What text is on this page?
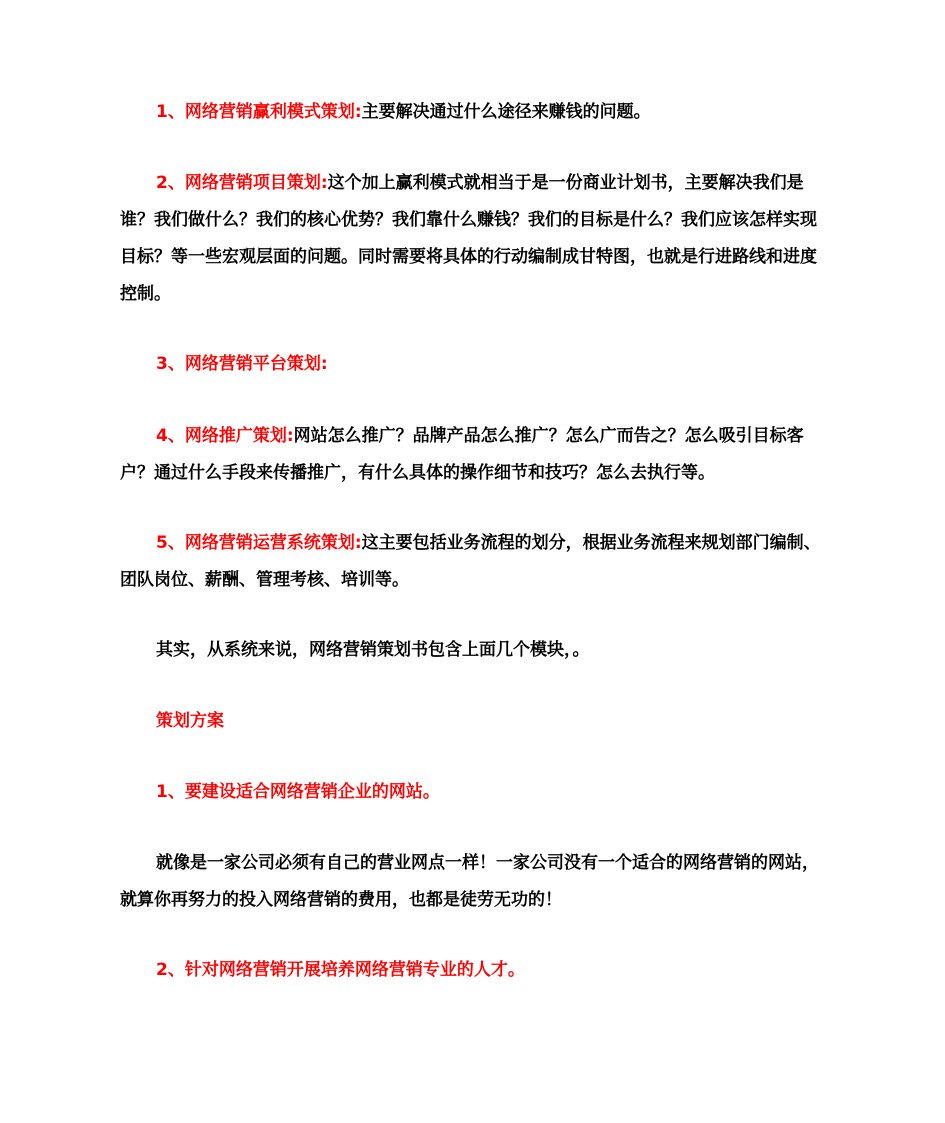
1、网络营销赢利模式策划:主要解决通过什么途径来赚钱的问题。

2、网络营销项目策划:这个加上赢利模式就相当于是一份商业计划书，主要解决我们是谁？我们做什么？我们的核心优势？我们靠什么赚钱？我们的目标是什么？我们应该怎样实现目标？等一些宏观层面的问题。同时需要将具体的行动编制成甘特图，也就是行进路线和进度控制。

3、网络营销平台策划:

4、网络推广策划:网站怎么推广？品牌产品怎么推广？怎么广而告之？怎么吸引目标客户？通过什么手段来传播推广，有什么具体的操作细节和技巧？怎么去执行等。

5、网络营销运营系统策划:这主要包括业务流程的划分，根据业务流程来规划部门编制、团队岗位、薪酬、管理考核、培训等。

其实，从系统来说，网络营销策划书包含上面几个模块，。

策划方案

1、要建设适合网络营销企业的网站。

就像是一家公司必须有自己的营业网点一样！一家公司没有一个适合的网络营销的网站，就算你再努力的投入网络营销的费用，也都是徒劳无功的！

2、针对网络营销开展培养网络营销专业的人才。
